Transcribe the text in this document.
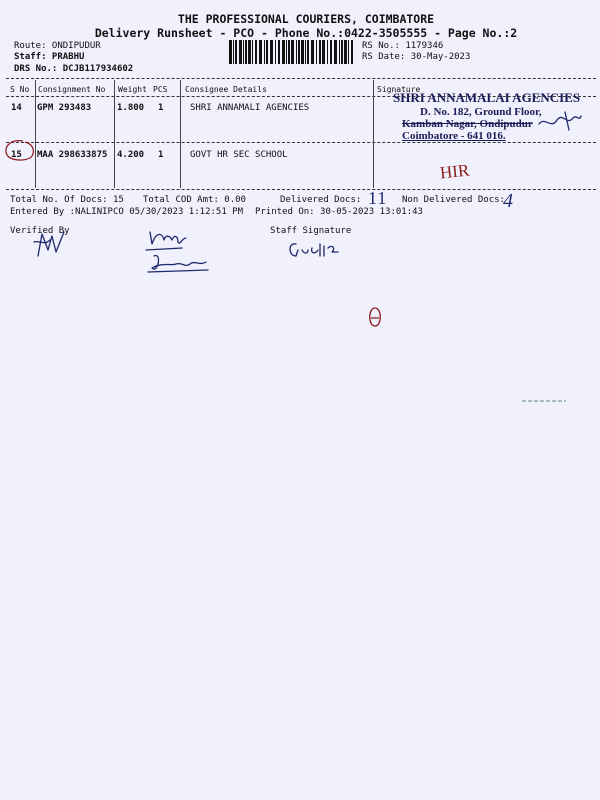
THE PROFESSIONAL COURIERS, COIMBATORE
Delivery Runsheet - PCO - Phone No.:0422-3505555 - Page No.:2
Route: ONDIPUDUR
Staff: PRABHU
DRS No.: DCJB117934602
RS No.: 1179346
RS Date: 30-May-2023
S No Consignment No Weight PCS Consignee Details	Signature
14 GPM 293483	1.800 1	SHRI ANNAMALI AGENCIES
15 MAA 298633875 4.200 1	GOVT HR SEC SCHOOL
SHRI ANNAMALAI AGENCIES
D. No. 182, Ground Floor,
Kamban Nagar, Ondipudur
Coimbatore - 641 016.
HIR
Total No. Of Docs: 15 Total COD Amt: 0.00	Delivered Docs: 11 Non Delivered Docs:
4
Entered By :NALINIPCO 05/30/2023 1:12:51 PM Printed On: 30-05-2023 13:01:43
Verified By	Staff Signature
